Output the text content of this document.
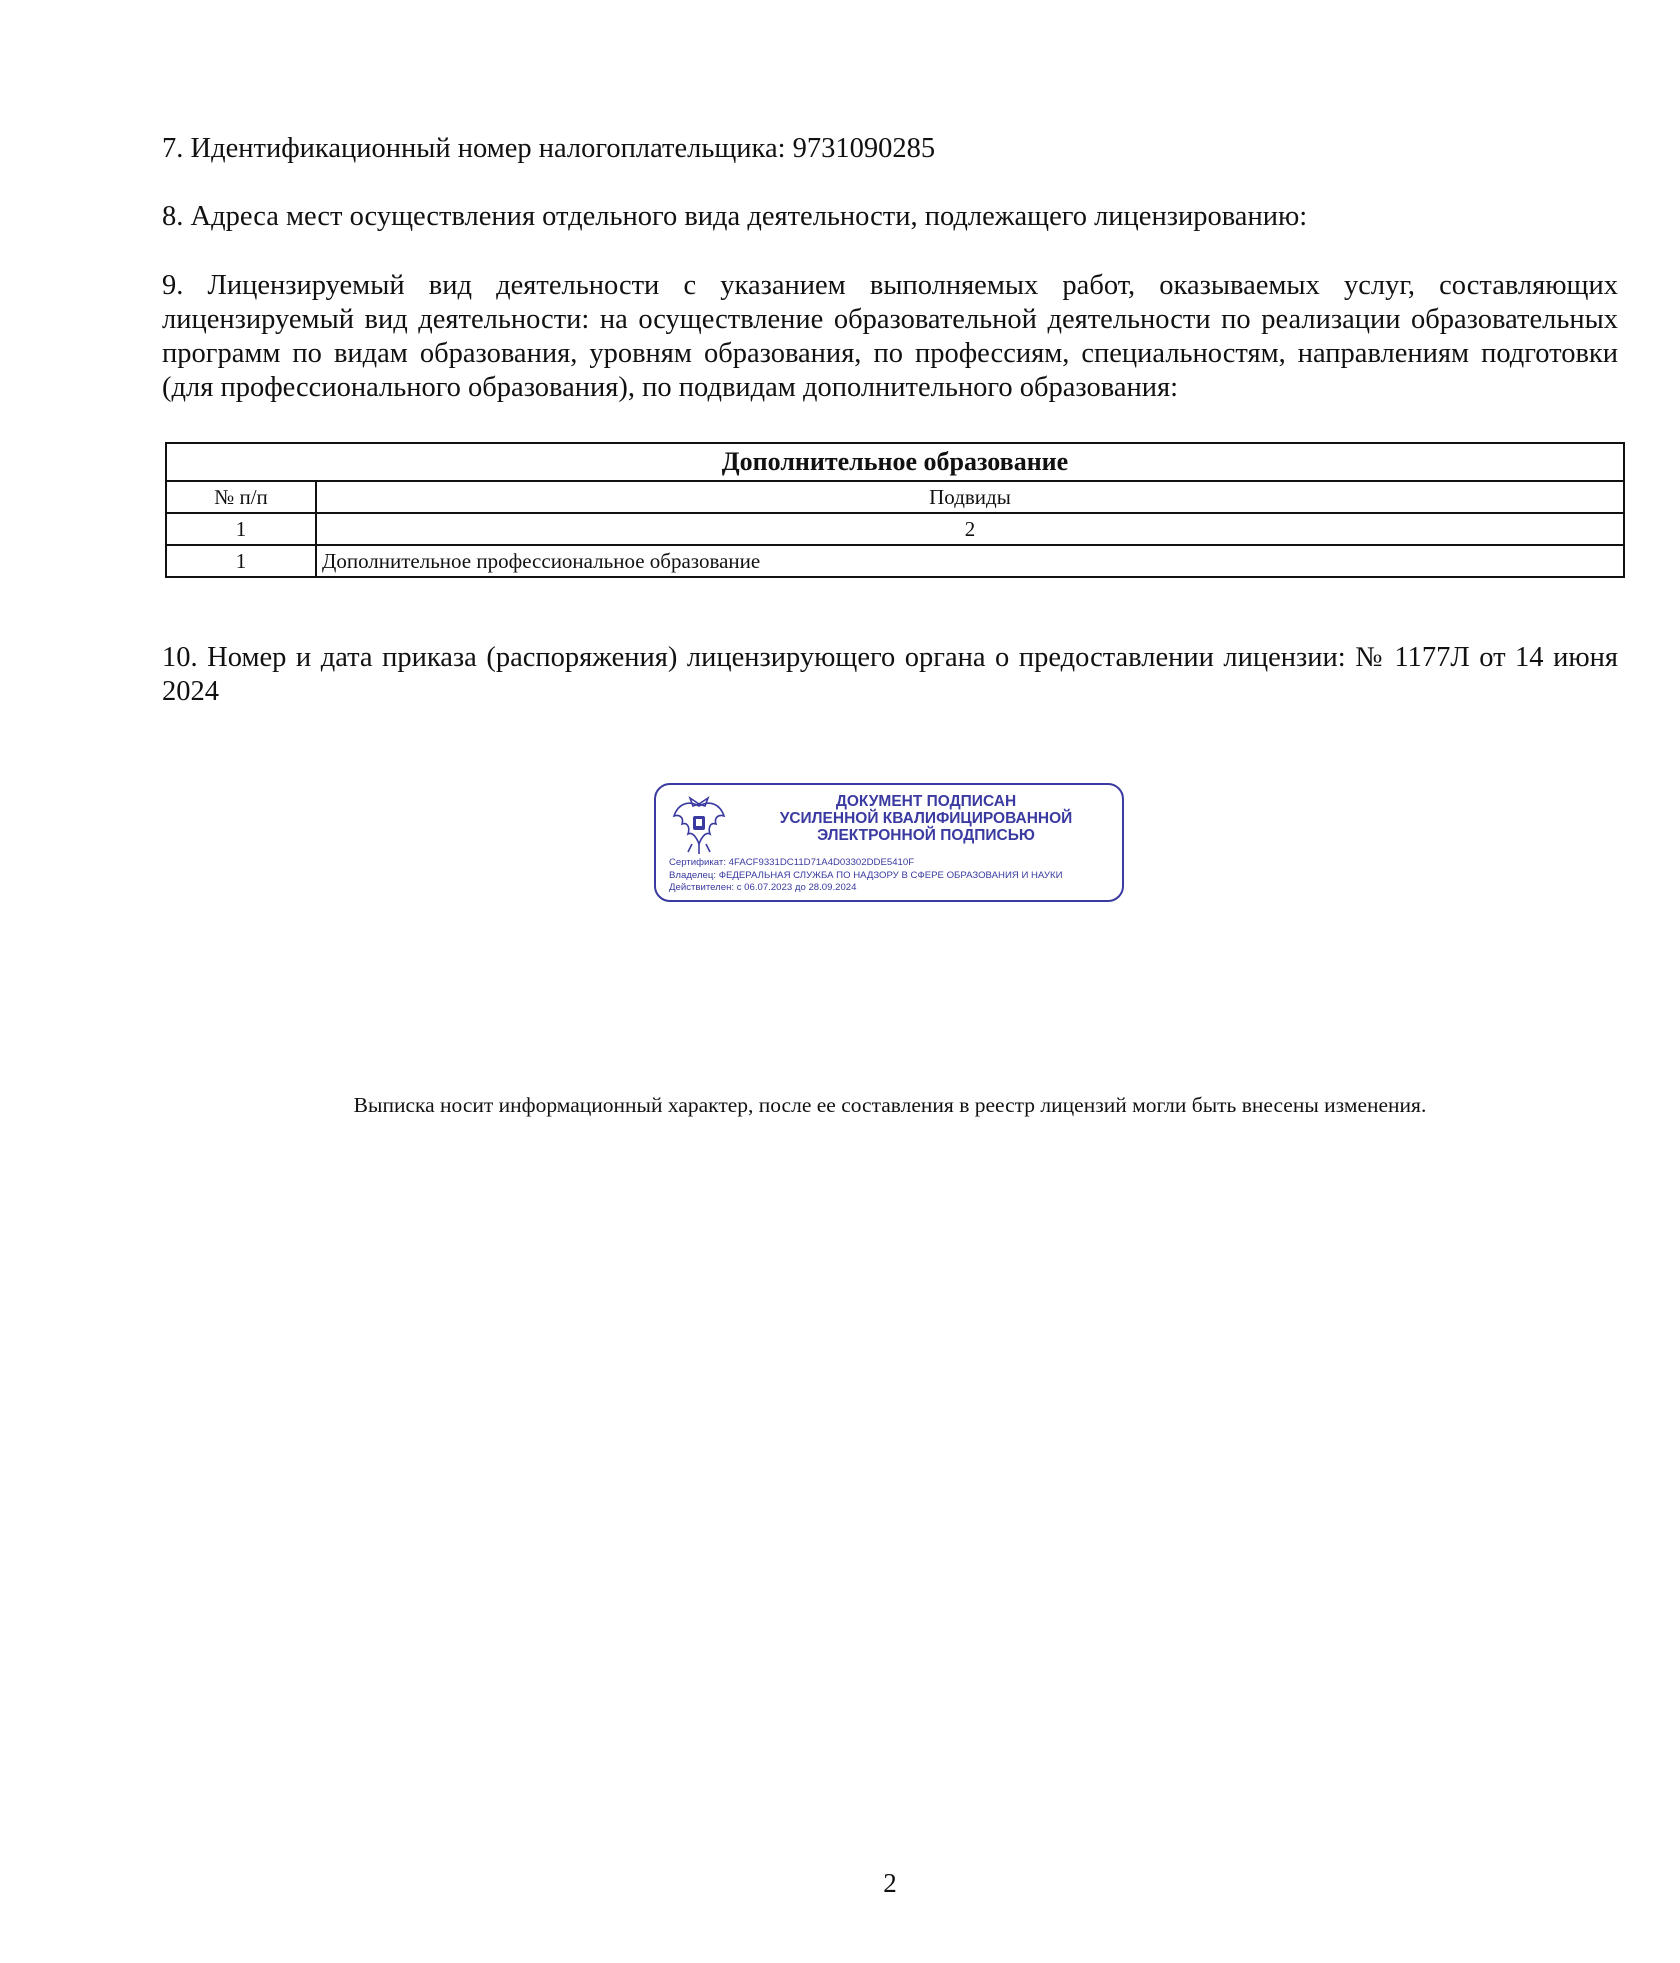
7. Идентификационный номер налогоплательщика: 9731090285
8. Адреса мест осуществления отдельного вида деятельности, подлежащего лицензированию:
9. Лицензируемый вид деятельности с указанием выполняемых работ, оказываемых услуг, составляющих лицензируемый вид деятельности: на осуществление образовательной деятельности по реализации образовательных программ по видам образования, уровням образования, по профессиям, специальностям, направлениям подготовки (для профессионального образования), по подвидам дополнительного образования:
Дополнительное образование	
№ п/п	Подвиды
1	2
1	Дополнительное профессиональное образование
10. Номер и дата приказа (распоряжения) лицензирующего органа о предоставлении лицензии: № 1177Л от 14 июня 2024
ДОКУМЕНТ ПОДПИСАН
УСИЛЕННОЙ КВАЛИФИЦИРОВАННОЙ
ЭЛЕКТРОННОЙ ПОДПИСЬЮ
Сертификат: 4FACF9331DC11D71A4D03302DDE5410F
Владелец: ФЕДЕРАЛЬНАЯ СЛУЖБА ПО НАДЗОРУ В СФЕРЕ ОБРАЗОВАНИЯ И НАУКИ
Действителен: с 06.07.2023 до 28.09.2024
Выписка носит информационный характер, после ее составления в реестр лицензий могли быть внесены изменения.
2
